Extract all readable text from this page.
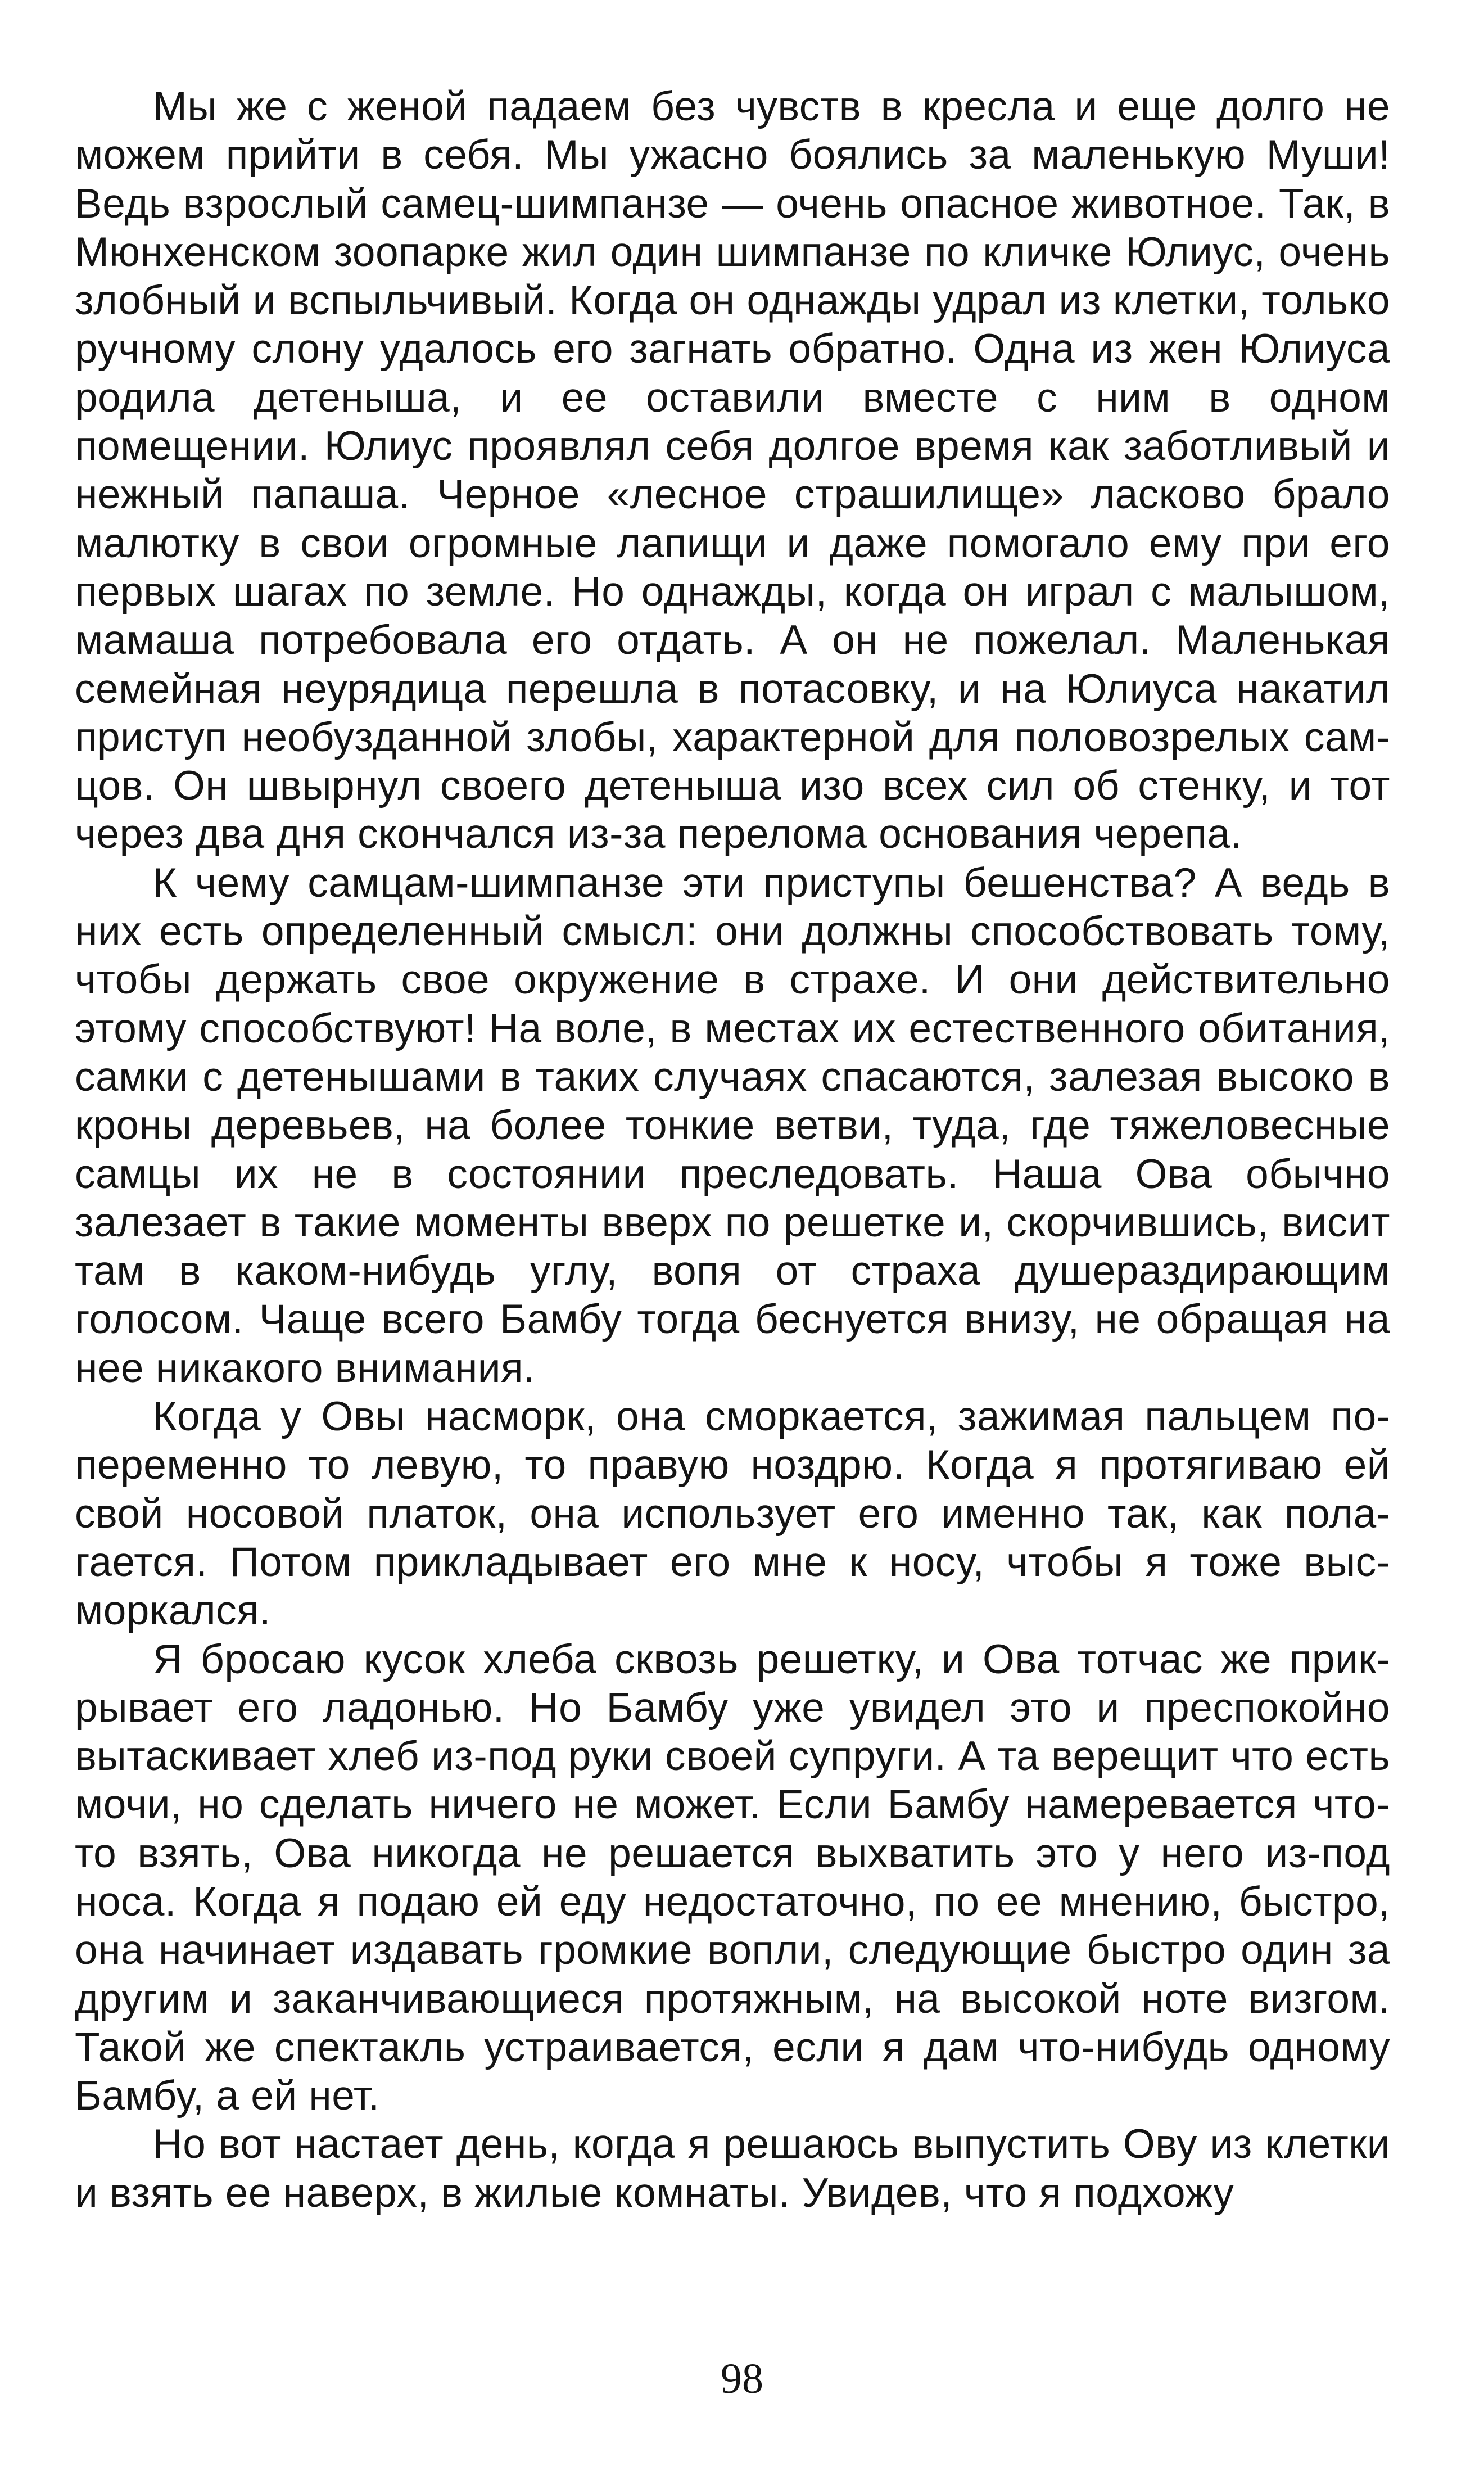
Мы же с женой падаем без чувств в кресла и еще долго не можем прийти в себя. Мы ужасно боялись за маленькую Муши! Ведь взрослый самец-шимпанзе — очень опасное животное. Так, в Мюнхенском зоопарке жил один шимпанзе по кличке Юлиус, очень злобный и вспыльчивый. Когда он однажды удрал из клетки, только ручному слону удалось его загнать обратно. Одна из жен Юлиуса родила детеныша, и ее оставили вместе с ним в одном помещении. Юлиус проявлял себя долгое время как заботливый и нежный папаша. Черное «лесное страшилище» ласково брало малютку в свои огромные лапищи и даже помогало ему при его первых шагах по земле. Но однажды, когда он играл с малышом, мамаша потребовала его отдать. А он не пожелал. Маленькая семейная неурядица перешла в потасовку, и на Юлиуса накатил приступ необузданной злобы, характерной для половозрелых самцов. Он швырнул своего детеныша изо всех сил об стенку, и тот через два дня скончался из-за перелома основания черепа.

К чему самцам-шимпанзе эти приступы бешенства? А ведь в них есть определенный смысл: они должны способствовать тому, чтобы держать свое окружение в страхе. И они действительно этому способствуют! На воле, в местах их естественного обитания, самки с детенышами в таких случаях спасаются, залезая высоко в кроны деревьев, на более тонкие ветви, туда, где тяжеловесные самцы их не в состоянии преследовать. Наша Ова обычно залезает в такие моменты вверх по решетке и, скорчившись, висит там в каком-нибудь углу, вопя от страха душераздирающим голосом. Чаще всего Бамбу тогда беснуется внизу, не обращая на нее никакого внимания.

Когда у Овы насморк, она сморкается, зажимая пальцем попеременно то левую, то правую ноздрю. Когда я протягиваю ей свой носовой платок, она использует его именно так, как полагается. Потом прикладывает его мне к носу, чтобы я тоже высморкался.

Я бросаю кусок хлеба сквозь решетку, и Ова тотчас же прикрывает его ладонью. Но Бамбу уже увидел это и преспокойно вытаскивает хлеб из-под руки своей супруги. А та верещит что есть мочи, но сделать ничего не может. Если Бамбу намеревается что-то взять, Ова никогда не решается выхватить это у него из-под носа. Когда я подаю ей еду недостаточно, по ее мнению, быстро, она начинает издавать громкие вопли, следующие быстро один за другим и заканчивающиеся протяжным, на высокой ноте визгом. Такой же спектакль устраивается, если я дам что-нибудь одному Бамбу, а ей нет.

Но вот настает день, когда я решаюсь выпустить Ову из клетки и взять ее наверх, в жилые комнаты. Увидев, что я подхожу

98
